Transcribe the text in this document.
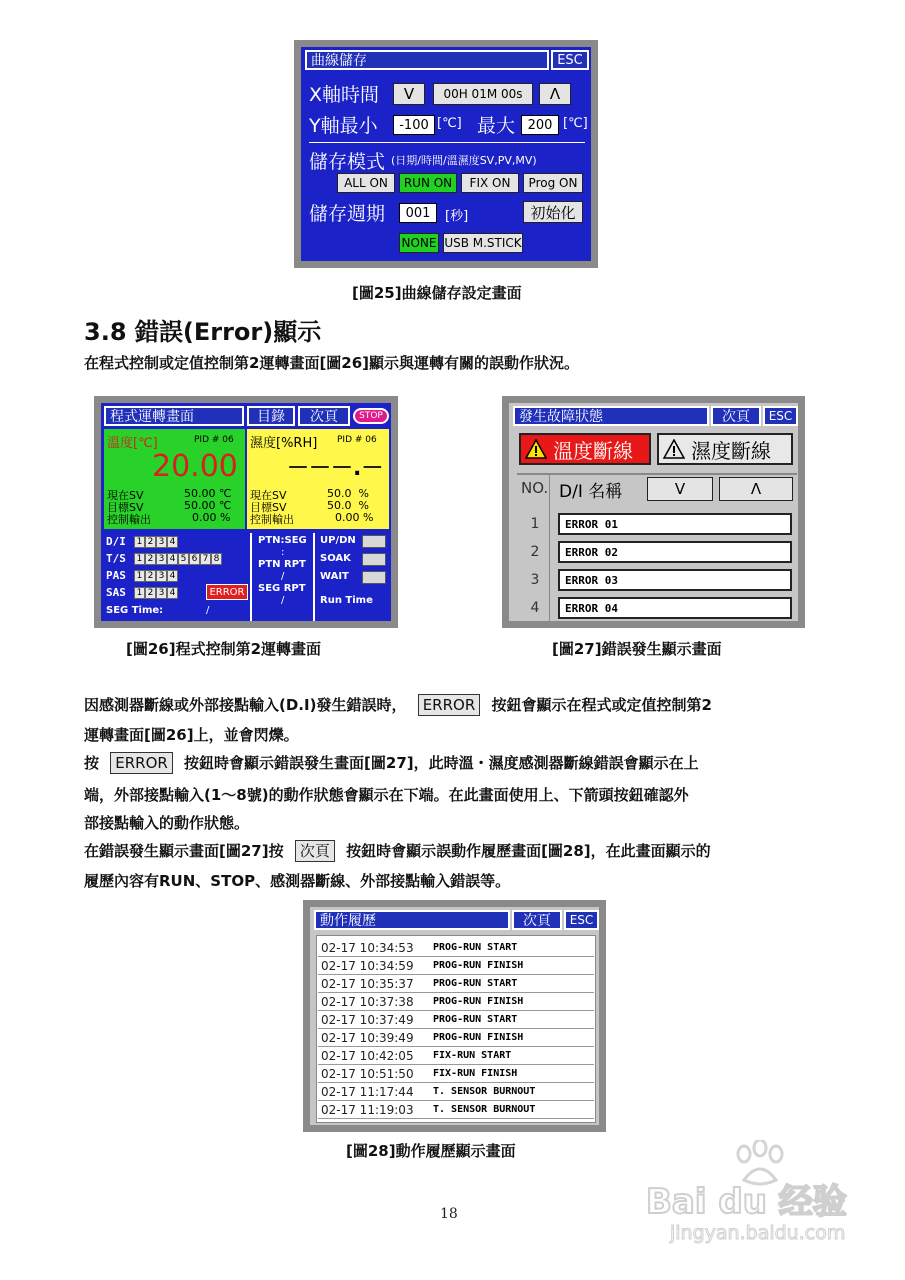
曲線儲存	ESC
X軸時間 V 00H 01M 00s Λ
Y軸最小 -100 [℃] 最大 200 [℃]
儲存模式 (日期/時間/溫濕度SV,PV,MV)
ALL ON RUN ON FIX ON Prog ON
儲存週期 001 [秒]	初始化
NONE USB M.STICK
[圖25]曲線儲存設定畫面
3.8 錯誤(Error)顯示
在程式控制或定值控制第2運轉畫面[圖26]顯示與運轉有關的誤動作狀況。
程式運轉畫面	目錄 次頁 STOP
溫度[℃]	PID # 06
20.00
現在SV	50.00 ℃
目標SV	50.00 ℃
控制輸出	0.00 %
濕度[%RH] PID # 06
－－－.－
現在SV	50.0  %
目標SV	50.0  %
控制輸出	0.00 %
D/I 1 2 3 4
T/S 1 2 3 4 5 6 7 8
PAS 1 2 3 4
SAS 1 2 3 4	ERROR
SEG Time:	/
PTN:SEG
:
PTN RPT
/
SEG RPT
/
UP/DN
SOAK
WAIT
Run Time
[圖26]程式控制第2運轉畫面
發生故障狀態	次頁 ESC
溫度斷線	濕度斷線
NO. D/I 名稱	V	Λ
1	ERROR 01
2	ERROR 02
3	ERROR 03
4	ERROR 04
[圖27]錯誤發生顯示畫面
因感測器斷線或外部接點輸入(D.I)發生錯誤時， ERROR 按鈕會顯示在程式或定值控制第2
運轉畫面[圖26]上，並會閃爍。
按 ERROR 按鈕時會顯示錯誤發生畫面[圖27]，此時溫・濕度感測器斷線錯誤會顯示在上
端，外部接點輸入(1～8號)的動作狀態會顯示在下端。在此畫面使用上、下箭頭按鈕確認外
部接點輸入的動作狀態。
在錯誤發生顯示畫面[圖27]按 次頁 按鈕時會顯示誤動作履歷畫面[圖28]，在此畫面顯示的
履歷內容有RUN、STOP、感測器斷線、外部接點輸入錯誤等。
動作履歷	次頁 ESC
02-17 10:34:53	PROG-RUN START
02-17 10:34:59	PROG-RUN FINISH
02-17 10:35:37	PROG-RUN START
02-17 10:37:38	PROG-RUN FINISH
02-17 10:37:49	PROG-RUN START
02-17 10:39:49	PROG-RUN FINISH
02-17 10:42:05	FIX-RUN START
02-17 10:51:50	FIX-RUN FINISH
02-17 11:17:44	T. SENSOR BURNOUT
02-17 11:19:03	T. SENSOR BURNOUT
[圖28]動作履歷顯示畫面
18	Bai du 经验
jingyan.baidu.com
